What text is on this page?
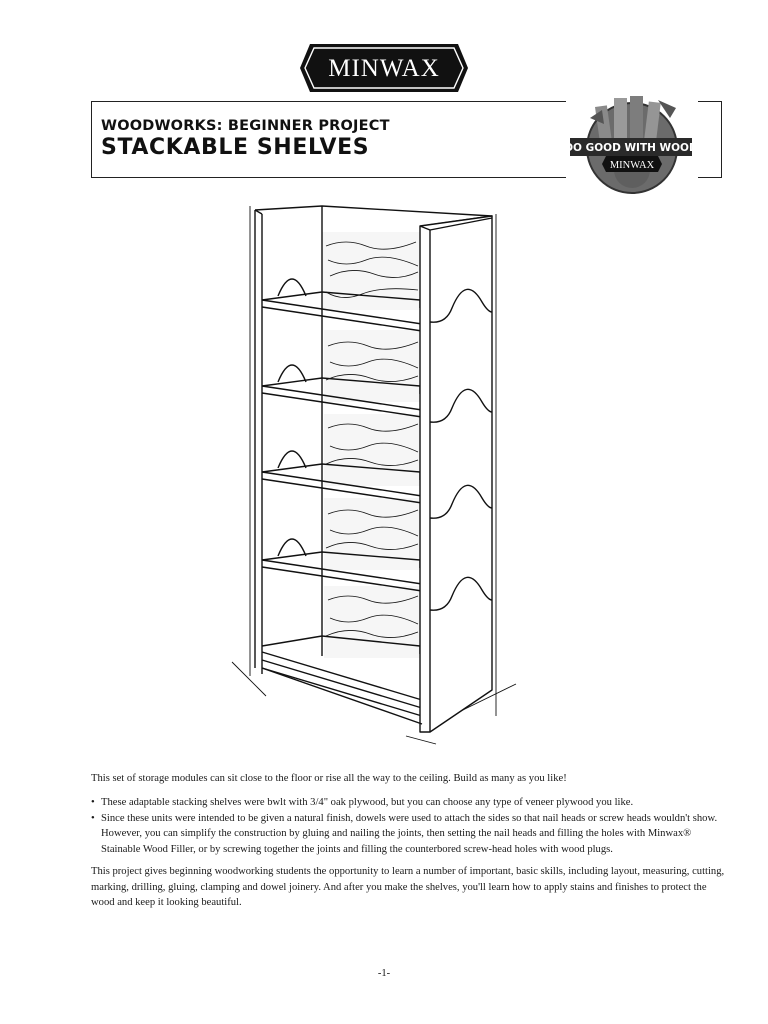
MINWAX
WOODWORKS: BEGINNER PROJECT
STACKABLE SHELVES	DO GOOD WITH WOOD
MINWAX
This set of storage modules can sit close to the floor or rise all the way to the ceiling. Build as many as you like!
• These adaptable stacking shelves were bwlt with 3/4" oak plywood, but you can choose any type of veneer plywood you like.
• Since these units were intended to be given a natural finish, dowels were used to attach the sides so that nail heads or screw heads wouldn't show. However, you can simplify the construction by gluing and nailing the joints, then setting the nail heads and filling the holes with Minwax® Stainable Wood Filler, or by screwing together the joints and filling the counterbored screw-head holes with wood plugs.
This project gives beginning woodworking students the opportunity to learn a number of important, basic skills, including layout, measuring, cutting, marking, drilling, gluing, clamping and dowel joinery. And after you make the shelves, you'll learn how to apply stains and finishes to protect the wood and keep it looking beautiful.
-1-
